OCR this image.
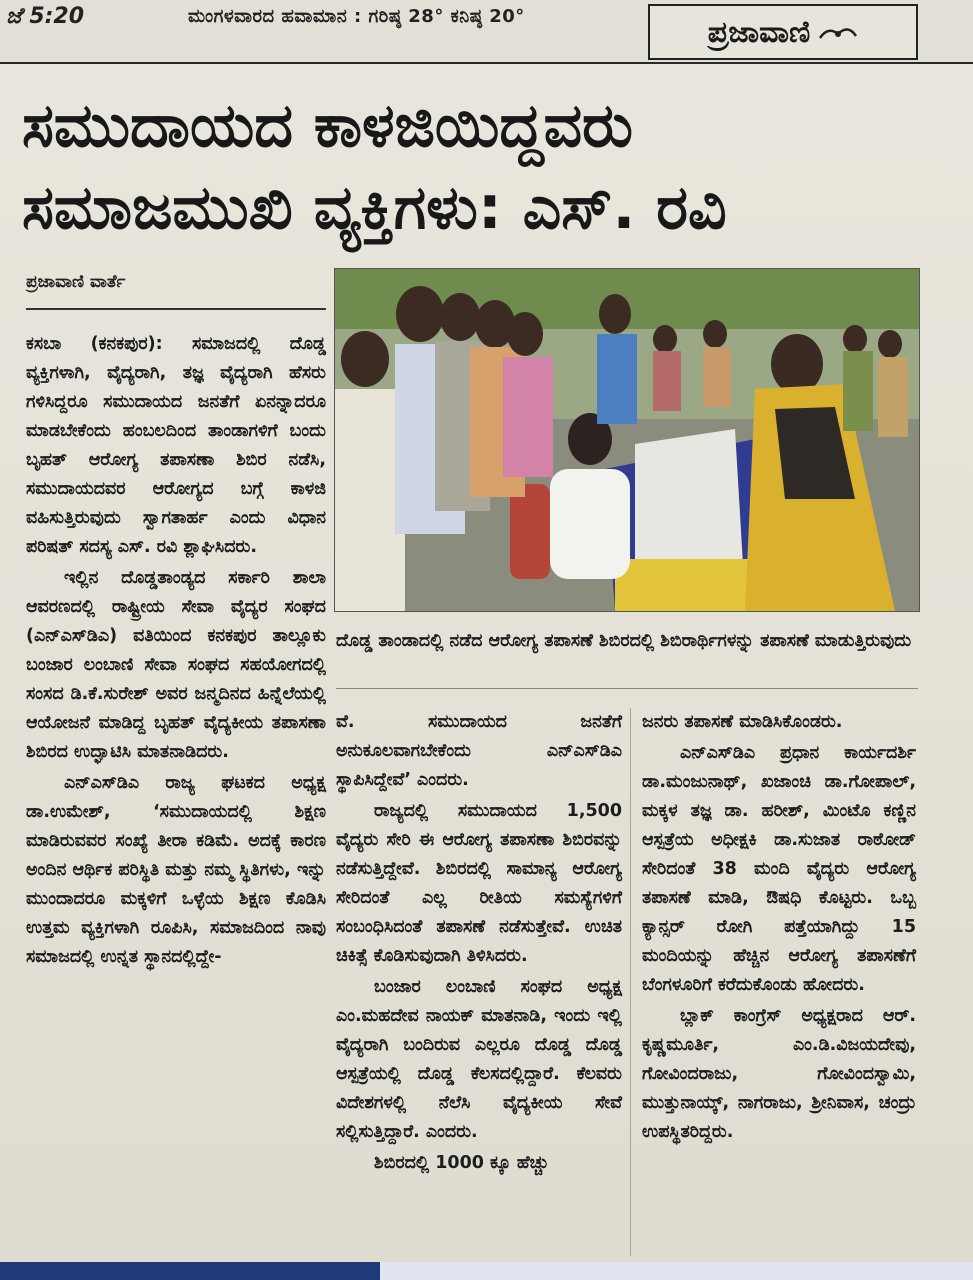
ಜೆ 5:20	ಮಂಗಳವಾರದ ಹವಾಮಾನ : ಗರಿಷ್ಠ 28° ಕನಿಷ್ಠ 20°	ಪ್ರಜಾವಾಣಿ
ಸಮುದಾಯದ ಕಾಳಜಿಯಿದ್ದವರು
ಸಮಾಜಮುಖಿ ವ್ಯಕ್ತಿಗಳು: ಎಸ್. ರವಿ
ಪ್ರಜಾವಾಣಿ ವಾರ್ತೆ

ಕಸಬಾ (ಕನಕಪುರ): ಸಮಾಜದಲ್ಲಿ ದೊಡ್ಡ ವ್ಯಕ್ತಿಗಳಾಗಿ, ವೈದ್ಯರಾಗಿ, ತಜ್ಞ ವೈದ್ಯರಾಗಿ ಹೆಸರು ಗಳಿಸಿದ್ದರೂ ಸಮುದಾಯದ ಜನತೆಗೆ ಏನನ್ನಾದರೂ ಮಾಡಬೇಕೆಂದು ಹಂಬಲದಿಂದ ತಾಂಡಾಗಳಿಗೆ ಬಂದು ಬೃಹತ್ ಆರೋಗ್ಯ ತಪಾಸಣಾ ಶಿಬಿರ ನಡೆಸಿ, ಸಮುದಾಯದವರ ಆರೋಗ್ಯದ ಬಗ್ಗೆ ಕಾಳಜಿ ವಹಿಸುತ್ತಿರುವುದು ಸ್ವಾಗತಾರ್ಹ ಎಂದು ವಿಧಾನ ಪರಿಷತ್ ಸದಸ್ಯ ಎಸ್. ರವಿ ಶ್ಲಾಘಿಸಿದರು.

ಇಲ್ಲಿನ ದೊಡ್ಡತಾಂಡ್ಯದ ಸರ್ಕಾರಿ ಶಾಲಾ ಆವರಣದಲ್ಲಿ ರಾಷ್ಟ್ರೀಯ ಸೇವಾ ವೈದ್ಯರ ಸಂಘದ (ಎನ್‌ಎಸ್‌ಡಿಎ) ವತಿಯಿಂದ ಕನಕಪುರ ತಾಲ್ಲೂಕು ಬಂಜಾರ ಲಂಬಾಣಿ ಸೇವಾ ಸಂಘದ ಸಹಯೋಗದಲ್ಲಿ ಸಂಸದ ಡಿ.ಕೆ.ಸುರೇಶ್ ಅವರ ಜನ್ಮದಿನದ ಹಿನ್ನೆಲೆಯಲ್ಲಿ ಆಯೋಜನೆ ಮಾಡಿದ್ದ ಬೃಹತ್ ವೈದ್ಯಕೀಯ ತಪಾಸಣಾ ಶಿಬಿರದ ಉದ್ಘಾಟಿಸಿ ಮಾತನಾಡಿದರು.

ಎನ್‌ಎಸ್‌ಡಿಎ ರಾಜ್ಯ ಘಟಕದ ಅಧ್ಯಕ್ಷ ಡಾ.ಉಮೇಶ್, ‘ಸಮುದಾಯದಲ್ಲಿ ಶಿಕ್ಷಣ ಮಾಡಿರುವವರ ಸಂಖ್ಯೆ ತೀರಾ ಕಡಿಮೆ. ಅದಕ್ಕೆ ಕಾರಣ ಅಂದಿನ ಆರ್ಥಿಕ ಪರಿಸ್ಥಿತಿ ಮತ್ತು ನಮ್ಮ ಸ್ಥಿತಿಗಳು, ಇನ್ನು ಮುಂದಾದರೂ ಮಕ್ಕಳಿಗೆ ಒಳ್ಳೆಯ ಶಿಕ್ಷಣ ಕೊಡಿಸಿ ಉತ್ತಮ ವ್ಯಕ್ತಿಗಳಾಗಿ ರೂಪಿಸಿ, ಸಮಾಜದಿಂದ ನಾವು ಸಮಾಜದಲ್ಲಿ ಉನ್ನತ ಸ್ಥಾನದಲ್ಲಿದ್ದೇ-

ದೊಡ್ಡ ತಾಂಡಾದಲ್ಲಿ ನಡೆದ ಆರೋಗ್ಯ ತಪಾಸಣೆ ಶಿಬಿರದಲ್ಲಿ ಶಿಬಿರಾರ್ಥಿಗಳನ್ನು ತಪಾಸಣೆ ಮಾಡುತ್ತಿರುವುದು

ವೆ. ಸಮುದಾಯದ ಜನತೆಗೆ ಅನುಕೂಲವಾಗಬೇಕೆಂದು ಎನ್‌ಎಸ್‌ಡಿಎ ಸ್ಥಾಪಿಸಿದ್ದೇವೆ’ ಎಂದರು.

ರಾಜ್ಯದಲ್ಲಿ ಸಮುದಾಯದ 1,500 ವೈದ್ಯರು ಸೇರಿ ಈ ಆರೋಗ್ಯ ತಪಾಸಣಾ ಶಿಬಿರವನ್ನು ನಡೆಸುತ್ತಿದ್ದೇವೆ. ಶಿಬಿರದಲ್ಲಿ ಸಾಮಾನ್ಯ ಆರೋಗ್ಯ ಸೇರಿದಂತೆ ಎಲ್ಲ ರೀತಿಯ ಸಮಸ್ಯೆಗಳಿಗೆ ಸಂಬಂಧಿಸಿದಂತೆ ತಪಾಸಣೆ ನಡೆಸುತ್ತೇವೆ. ಉಚಿತ ಚಿಕಿತ್ಸೆ ಕೊಡಿಸುವುದಾಗಿ ತಿಳಿಸಿದರು.

ಬಂಜಾರ ಲಂಬಾಣಿ ಸಂಘದ ಅಧ್ಯಕ್ಷ ಎಂ.ಮಹದೇವ ನಾಯಕ್ ಮಾತನಾಡಿ, ಇಂದು ಇಲ್ಲಿ ವೈದ್ಯರಾಗಿ ಬಂದಿರುವ ಎಲ್ಲರೂ ದೊಡ್ಡ ದೊಡ್ಡ ಆಸ್ಪತ್ರೆಯಲ್ಲಿ ದೊಡ್ಡ ಕೆಲಸದಲ್ಲಿದ್ದಾರೆ. ಕೆಲವರು ವಿದೇಶಗಳಲ್ಲಿ ನೆಲೆಸಿ ವೈದ್ಯಕೀಯ ಸೇವೆ ಸಲ್ಲಿಸುತ್ತಿದ್ದಾರೆ. ಎಂದರು.

ಶಿಬಿರದಲ್ಲಿ 1000 ಕ್ಕೂ ಹೆಚ್ಚು

ಜನರು ತಪಾಸಣೆ ಮಾಡಿಸಿಕೊಂಡರು.

ಎನ್‌ಎಸ್‌ಡಿಎ ಪ್ರಧಾನ ಕಾರ್ಯದರ್ಶಿ ಡಾ.ಮಂಜುನಾಥ್, ಖಜಾಂಚಿ ಡಾ.ಗೋಪಾಲ್, ಮಕ್ಕಳ ತಜ್ಞ ಡಾ. ಹರೀಶ್, ಮಿಂಟೊ ಕಣ್ಣಿನ ಆಸ್ಪತ್ರೆಯ ಅಧೀಕ್ಷಕಿ ಡಾ.ಸುಜಾತ ರಾಠೋಡ್ ಸೇರಿದಂತೆ 38 ಮಂದಿ ವೈದ್ಯರು ಆರೋಗ್ಯ ತಪಾಸಣೆ ಮಾಡಿ, ಔಷಧಿ ಕೊಟ್ಟರು. ಒಬ್ಬ ಕ್ಯಾನ್ಸರ್ ರೋಗಿ ಪತ್ತೆಯಾಗಿದ್ದು 15 ಮಂದಿಯನ್ನು ಹೆಚ್ಚಿನ ಆರೋಗ್ಯ ತಪಾಸಣೆಗೆ ಬೆಂಗಳೂರಿಗೆ ಕರೆದುಕೊಂಡು ಹೋದರು.

ಬ್ಲಾಕ್ ಕಾಂಗ್ರೆಸ್ ಅಧ್ಯಕ್ಷರಾದ ಆರ್. ಕೃಷ್ಣಮೂರ್ತಿ, ಎಂ.ಡಿ.ವಿಜಯದೇವು, ಗೋವಿಂದರಾಜು, ಗೋವಿಂದಸ್ವಾಮಿ, ಮುತ್ತುನಾಯ್ಕ್, ನಾಗರಾಜು, ಶ್ರೀನಿವಾಸ, ಚಂದ್ರು ಉಪಸ್ಥಿತರಿದ್ದರು.
